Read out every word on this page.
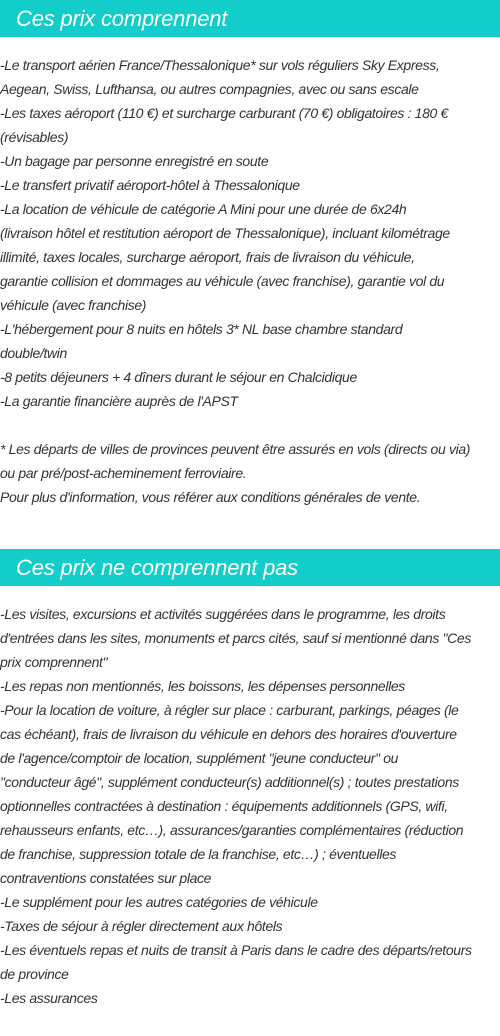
Ces prix comprennent
-Le transport aérien France/Thessalonique* sur vols réguliers Sky Express,
Aegean, Swiss, Lufthansa, ou autres compagnies, avec ou sans escale
-Les taxes aéroport (110 €) et surcharge carburant (70 €) obligatoires : 180 €
(révisables)
-Un bagage par personne enregistré en soute
-Le transfert privatif aéroport-hôtel à Thessalonique
-La location de véhicule de catégorie A Mini pour une durée de 6x24h
(livraison hôtel et restitution aéroport de Thessalonique), incluant kilométrage
illimité, taxes locales, surcharge aéroport, frais de livraison du véhicule,
garantie collision et dommages au véhicule (avec franchise), garantie vol du
véhicule (avec franchise)
-L'hébergement pour 8 nuits en hôtels 3* NL base chambre standard
double/twin
-8 petits déjeuners + 4 dîners durant le séjour en Chalcidique
-La garantie financière auprès de l'APST
* Les départs de villes de provinces peuvent être assurés en vols (directs ou via)
ou par pré/post-acheminement ferroviaire.
Pour plus d'information, vous référer aux conditions générales de vente.
Ces prix ne comprennent pas
-Les visites, excursions et activités suggérées dans le programme, les droits
d'entrées dans les sites, monuments et parcs cités, sauf si mentionné dans "Ces
prix comprennent"
-Les repas non mentionnés, les boissons, les dépenses personnelles
-Pour la location de voiture, à régler sur place : carburant, parkings, péages (le
cas échéant), frais de livraison du véhicule en dehors des horaires d'ouverture
de l'agence/comptoir de location, supplément "jeune conducteur" ou
"conducteur âgé", supplément conducteur(s) additionnel(s) ; toutes prestations
optionnelles contractées à destination : équipements additionnels (GPS, wifi,
rehausseurs enfants, etc…), assurances/garanties complémentaires (réduction
de franchise, suppression totale de la franchise, etc…) ; éventuelles
contraventions constatées sur place
-Le supplément pour les autres catégories de véhicule
-Taxes de séjour à régler directement aux hôtels
-Les éventuels repas et nuits de transit à Paris dans le cadre des départs/retours
de province
-Les assurances
